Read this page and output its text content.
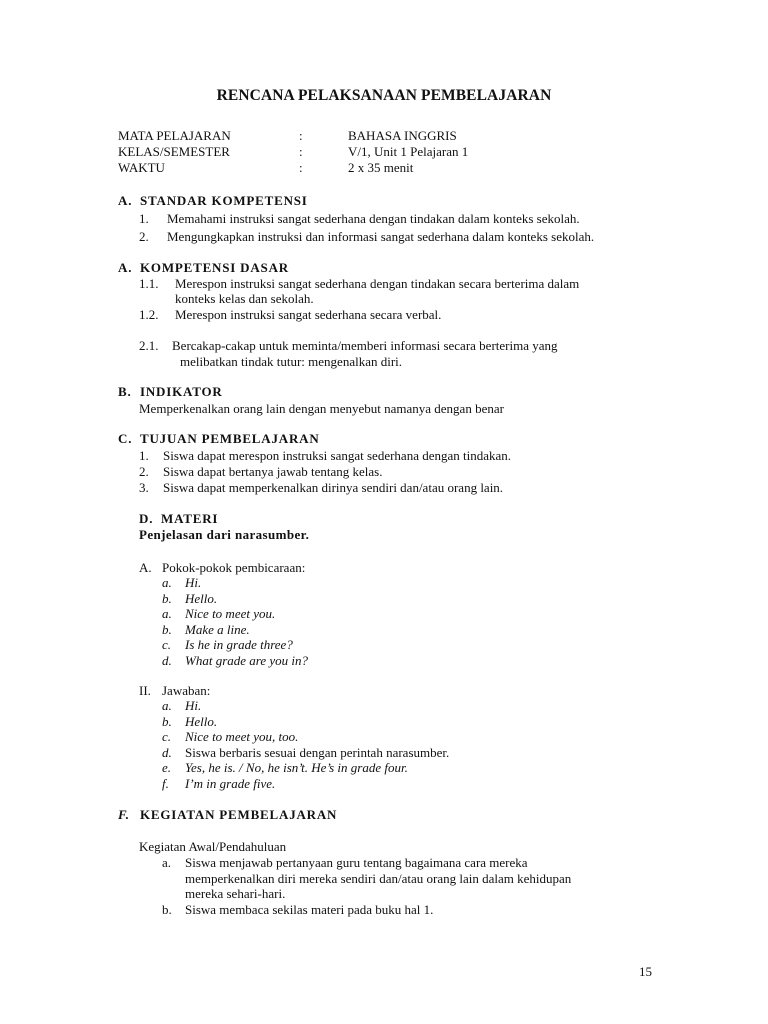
RENCANA PELAKSANAAN PEMBELAJARAN
MATA PELAJARAN	:	BAHASA INGGRIS
KELAS/SEMESTER	:	V/1, Unit 1 Pelajaran 1
WAKTU	:	2 x 35 menit
A. STANDAR KOMPETENSI
1. Memahami instruksi sangat sederhana dengan tindakan dalam konteks sekolah.
2. Mengungkapkan instruksi dan informasi sangat sederhana dalam konteks sekolah.
A. KOMPETENSI DASAR
1.1. Merespon instruksi sangat sederhana dengan tindakan secara berterima dalam
konteks kelas dan sekolah.
1.2. Merespon instruksi sangat sederhana secara verbal.
2.1. Bercakap-cakap untuk meminta/memberi informasi secara berterima yang
melibatkan tindak tutur: mengenalkan diri.
B. INDIKATOR
Memperkenalkan orang lain dengan menyebut namanya dengan benar
C. TUJUAN PEMBELAJARAN
1. Siswa dapat merespon instruksi sangat sederhana dengan tindakan.
2. Siswa dapat bertanya jawab tentang kelas.
3. Siswa dapat memperkenalkan dirinya sendiri dan/atau orang lain.
D. MATERI
Penjelasan dari narasumber.
A. Pokok-pokok pembicaraan:
a. Hi.
b. Hello.
a. Nice to meet you.
b. Make a line.
c. Is he in grade three?
d. What grade are you in?
II. Jawaban:
a. Hi.
b. Hello.
c. Nice to meet you, too.
d. Siswa berbaris sesuai dengan perintah narasumber.
e. Yes, he is. / No, he isn’t. He’s in grade four.
f. I’m in grade five.
F. KEGIATAN PEMBELAJARAN
Kegiatan Awal/Pendahuluan
a. Siswa menjawab pertanyaan guru tentang bagaimana cara mereka
memperkenalkan diri mereka sendiri dan/atau orang lain dalam kehidupan
mereka sehari-hari.
b. Siswa membaca sekilas materi pada buku hal 1.
15
